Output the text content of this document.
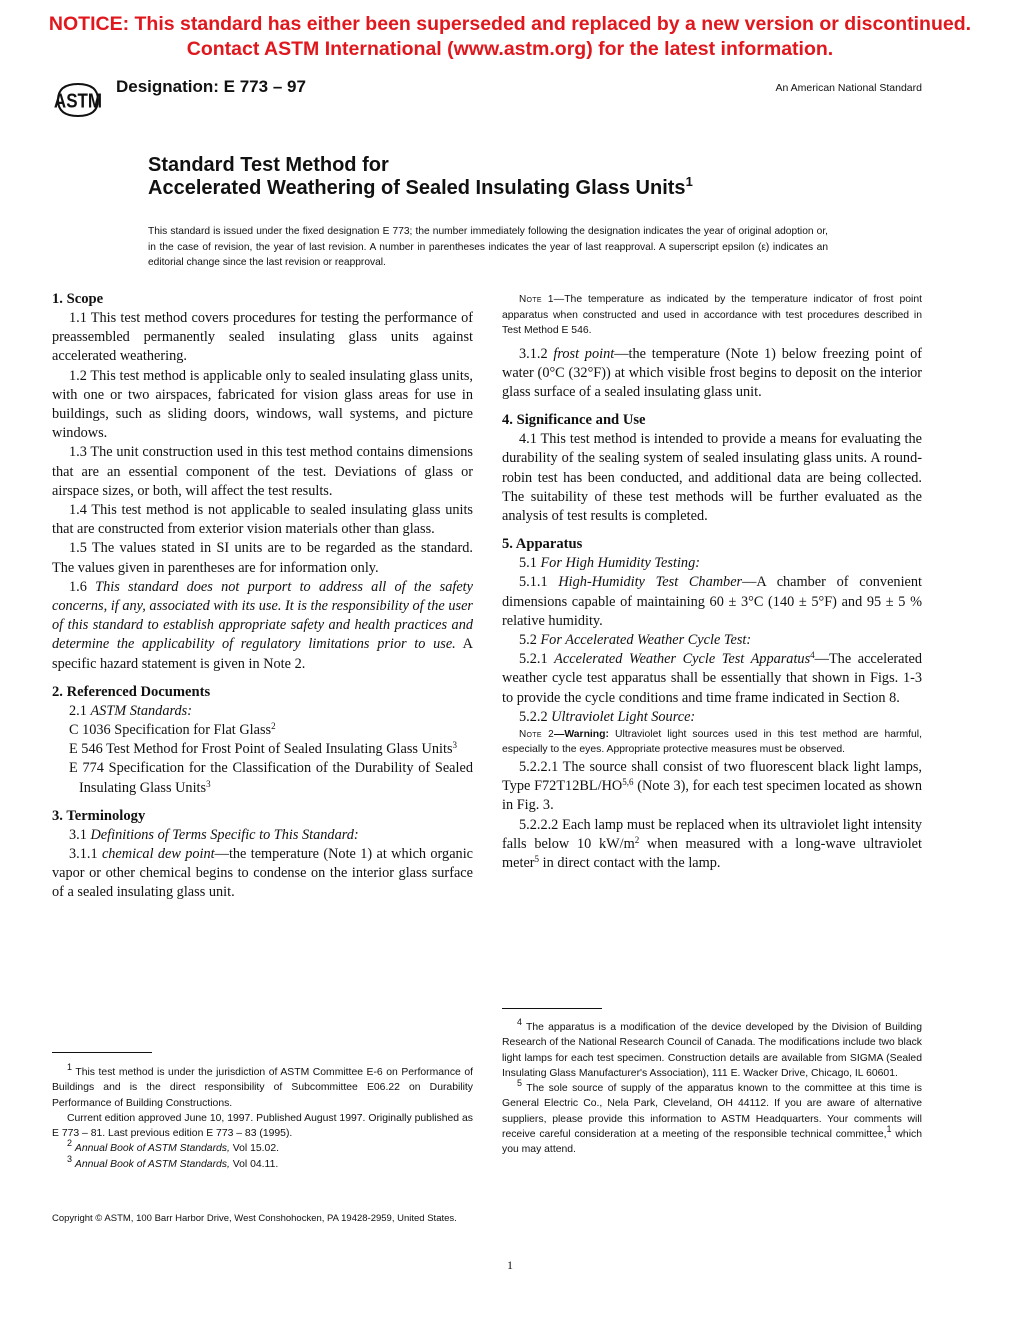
NOTICE: This standard has either been superseded and replaced by a new version or discontinued.
Contact ASTM International (www.astm.org) for the latest information.
ASTM
Designation: E 773 – 97	An American National Standard
Standard Test Method for
Accelerated Weathering of Sealed Insulating Glass Units$^1$
This standard is issued under the fixed designation E 773; the number immediately following the designation indicates the year of original adoption or, in the case of revision, the year of last revision. A number in parentheses indicates the year of last reapproval. A superscript epsilon (ε) indicates an editorial change since the last revision or reapproval.
1. Scope

1.1 This test method covers procedures for testing the performance of preassembled permanently sealed insulating glass units against accelerated weathering.

1.2 This test method is applicable only to sealed insulating glass units, with one or two airspaces, fabricated for vision glass areas for use in buildings, such as sliding doors, windows, wall systems, and picture windows.

1.3 The unit construction used in this test method contains dimensions that are an essential component of the test. Deviations of glass or airspace sizes, or both, will affect the test results.

1.4 This test method is not applicable to sealed insulating glass units that are constructed from exterior vision materials other than glass.

1.5 The values stated in SI units are to be regarded as the standard. The values given in parentheses are for information only.

1.6 This standard does not purport to address all of the safety concerns, if any, associated with its use. It is the responsibility of the user of this standard to establish appropriate safety and health practices and determine the applicability of regulatory limitations prior to use. A specific hazard statement is given in Note 2.

2. Referenced Documents

2.1 ASTM Standards:

C 1036 Specification for Flat Glass$^2$

E 546 Test Method for Frost Point of Sealed Insulating Glass Units$^3$

E 774 Specification for the Classification of the Durability of Sealed Insulating Glass Units$^3$

3. Terminology

3.1 Definitions of Terms Specific to This Standard:

3.1.1 chemical dew point—the temperature (Note 1) at which organic vapor or other chemical begins to condense on the interior glass surface of a sealed insulating glass unit.

$^1$ This test method is under the jurisdiction of ASTM Committee E-6 on Performance of Buildings and is the direct responsibility of Subcommittee E06.22 on Durability Performance of Building Constructions.

Current edition approved June 10, 1997. Published August 1997. Originally published as E 773 – 81. Last previous edition E 773 – 83 (1995).

$^2$ Annual Book of ASTM Standards, Vol 15.02.

$^3$ Annual Book of ASTM Standards, Vol 04.11.

Note 1—The temperature as indicated by the temperature indicator of frost point apparatus when constructed and used in accordance with test procedures described in Test Method E 546.

3.1.2 frost point—the temperature (Note 1) below freezing point of water (0°C (32°F)) at which visible frost begins to deposit on the interior glass surface of a sealed insulating glass unit.

4. Significance and Use

4.1 This test method is intended to provide a means for evaluating the durability of the sealing system of sealed insulating glass units. A round-robin test has been conducted, and additional data are being collected. The suitability of these test methods will be further evaluated as the analysis of test results is completed.

5. Apparatus

5.1 For High Humidity Testing:

5.1.1 High-Humidity Test Chamber—A chamber of convenient dimensions capable of maintaining 60 ± 3°C (140 ± 5°F) and 95 ± 5 % relative humidity.

5.2 For Accelerated Weather Cycle Test:

5.2.1 Accelerated Weather Cycle Test Apparatus$^4$—The accelerated weather cycle test apparatus shall be essentially that shown in Figs. 1-3 to provide the cycle conditions and time frame indicated in Section 8.

5.2.2 Ultraviolet Light Source:

Note 2—Warning: Ultraviolet light sources used in this test method are harmful, especially to the eyes. Appropriate protective measures must be observed.

5.2.2.1 The source shall consist of two fluorescent black light lamps, Type F72T12BL/HO$^{5,6}$ (Note 3), for each test specimen located as shown in Fig. 3.

5.2.2.2 Each lamp must be replaced when its ultraviolet light intensity falls below 10 $kW/m^2$ when measured with a long-wave ultraviolet meter$^5$ in direct contact with the lamp.

$^4$ The apparatus is a modification of the device developed by the Division of Building Research of the National Research Council of Canada. The modifications include two black light lamps for each test specimen. Construction details are available from SIGMA (Sealed Insulating Glass Manufacturer's Association), 111 E. Wacker Drive, Chicago, IL 60601.

$^5$ The sole source of supply of the apparatus known to the committee at this time is General Electric Co., Nela Park, Cleveland, OH 44112. If you are aware of alternative suppliers, please provide this information to ASTM Headquarters. Your comments will receive careful consideration at a meeting of the responsible technical committee,$^1$ which you may attend.

Copyright © ASTM, 100 Barr Harbor Drive, West Conshohocken, PA 19428-2959, United States.
1
